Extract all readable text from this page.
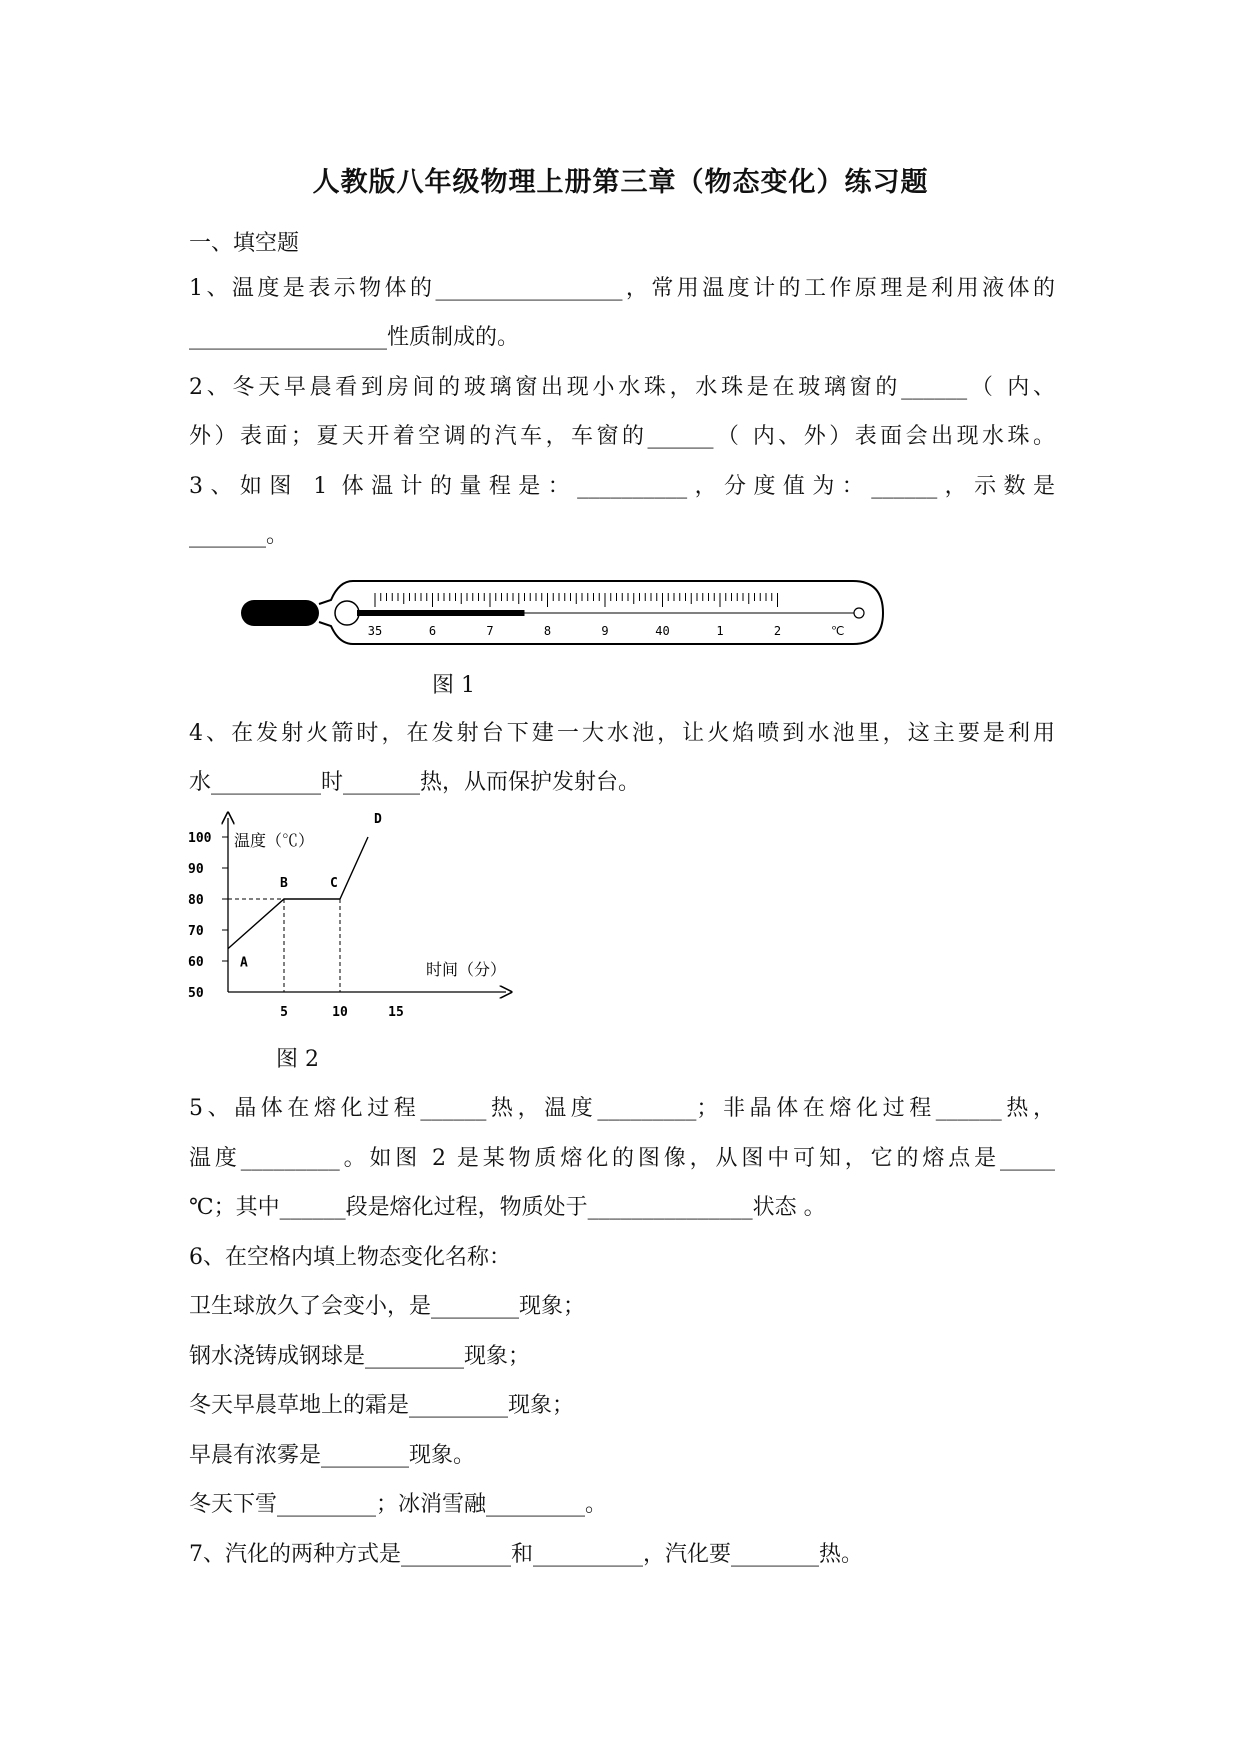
人教版八年级物理上册第三章（物态变化）练习题
一、填空题
1、温度是表示物体的_________________，常用温度计的工作原理是利用液体的
__________________性质制成的。
2、冬天早晨看到房间的玻璃窗出现小水珠，水珠是在玻璃窗的______（ 内、
外）表面；夏天开着空调的汽车，车窗的______（ 内、外）表面会出现水珠。
3、如图 1 体温计的量程是：__________，分度值为：______，示数是
_______。
35	6	7	8	9	40	1	2	℃
图 1
4、在发射火箭时，在发射台下建一大水池，让火焰喷到水池里，这主要是利用
水__________时_______热，从而保护发射台。
温度（℃）
时间（分）
100
90
80
70
60
50
5	10	15
A
B	C
D
图 2
5、晶体在熔化过程______热，温度_________；非晶体在熔化过程______热，
温度_________。如图 2 是某物质熔化的图像，从图中可知，它的熔点是_____
℃；其中______段是熔化过程，物质处于_______________状态 。
6、在空格内填上物态变化名称：
卫生球放久了会变小，是________现象；
钢水浇铸成钢球是_________现象；
冬天早晨草地上的霜是_________现象；
早晨有浓雾是________现象。
冬天下雪_________；冰消雪融_________。
7、汽化的两种方式是__________和__________，汽化要________热。
